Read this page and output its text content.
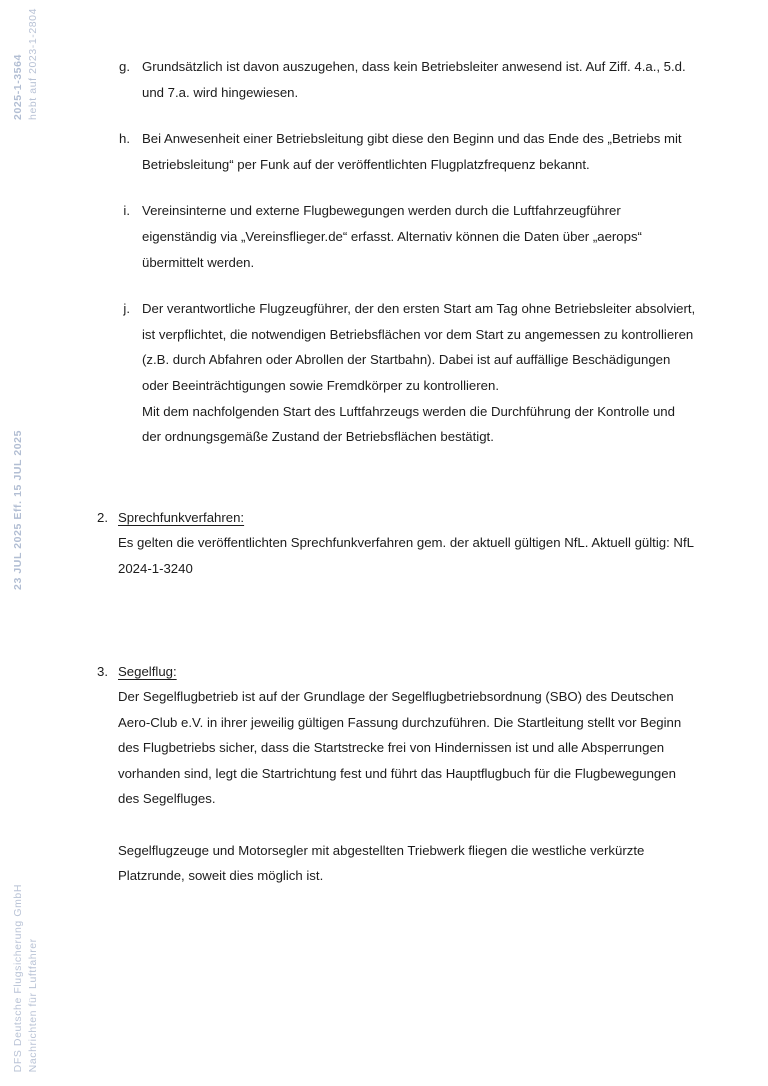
2025-1-3564 hebt auf 2023-1-2804
23 JUL 2025 Eff. 15 JUL 2025
DFS Deutsche Flugsicherung GmbH Nachrichten für Luftfahrer
g. Grundsätzlich ist davon auszugehen, dass kein Betriebsleiter anwesend ist. Auf Ziff. 4.a., 5.d. und 7.a. wird hingewiesen.
h. Bei Anwesenheit einer Betriebsleitung gibt diese den Beginn und das Ende des „Betriebs mit Betriebsleitung“ per Funk auf der veröffentlichten Flugplatzfrequenz bekannt.
i. Vereinsinterne und externe Flugbewegungen werden durch die Luftfahrzeugführer eigenständig via „Vereinsflieger.de“ erfasst. Alternativ können die Daten über „aerops“ übermittelt werden.
j. Der verantwortliche Flugzeugführer, der den ersten Start am Tag ohne Betriebsleiter absolviert, ist verpflichtet, die notwendigen Betriebsflächen vor dem Start zu angemessen zu kontrollieren (z.B. durch Abfahren oder Abrollen der Startbahn). Dabei ist auf auffällige Beschädigungen oder Beeinträchtigungen sowie Fremdkörper zu kontrollieren.
Mit dem nachfolgenden Start des Luftfahrzeugs werden die Durchführung der Kontrolle und der ordnungsgemäße Zustand der Betriebsflächen bestätigt.
2. Sprechfunkverfahren:
Es gelten die veröffentlichten Sprechfunkverfahren gem. der aktuell gültigen NfL. Aktuell gültig: NfL 2024-1-3240
3. Segelflug:
Der Segelflugbetrieb ist auf der Grundlage der Segelflugbetriebsordnung (SBO) des Deutschen Aero-Club e.V. in ihrer jeweilig gültigen Fassung durchzuführen. Die Startleitung stellt vor Beginn des Flugbetriebs sicher, dass die Startstrecke frei von Hindernissen ist und alle Absperrungen vorhanden sind, legt die Startrichtung fest und führt das Hauptflugbuch für die Flugbewegungen des Segelfluges.
Segelflugzeuge und Motorsegler mit abgestellten Triebwerk fliegen die westliche verkürzte Platzrunde, soweit dies möglich ist.
